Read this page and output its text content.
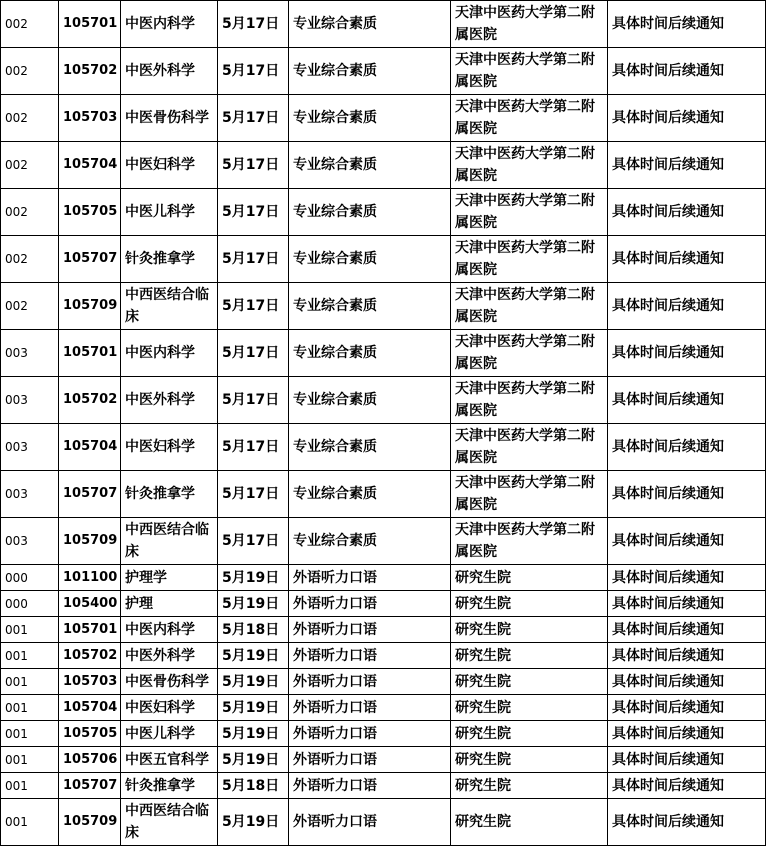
002	105701	中医内科学	5月17日	专业综合素质	天津中医药大学第二附属医院	具体时间后续通知
002	105702	中医外科学	5月17日	专业综合素质	天津中医药大学第二附属医院	具体时间后续通知
002	105703	中医骨伤科学	5月17日	专业综合素质	天津中医药大学第二附属医院	具体时间后续通知
002	105704	中医妇科学	5月17日	专业综合素质	天津中医药大学第二附属医院	具体时间后续通知
002	105705	中医儿科学	5月17日	专业综合素质	天津中医药大学第二附属医院	具体时间后续通知
002	105707	针灸推拿学	5月17日	专业综合素质	天津中医药大学第二附属医院	具体时间后续通知
002	105709	中西医结合临床	5月17日	专业综合素质	天津中医药大学第二附属医院	具体时间后续通知
003	105701	中医内科学	5月17日	专业综合素质	天津中医药大学第二附属医院	具体时间后续通知
003	105702	中医外科学	5月17日	专业综合素质	天津中医药大学第二附属医院	具体时间后续通知
003	105704	中医妇科学	5月17日	专业综合素质	天津中医药大学第二附属医院	具体时间后续通知
003	105707	针灸推拿学	5月17日	专业综合素质	天津中医药大学第二附属医院	具体时间后续通知
003	105709	中西医结合临床	5月17日	专业综合素质	天津中医药大学第二附属医院	具体时间后续通知
000	101100	护理学	5月19日	外语听力口语	研究生院	具体时间后续通知
000	105400	护理	5月19日	外语听力口语	研究生院	具体时间后续通知
001	105701	中医内科学	5月18日	外语听力口语	研究生院	具体时间后续通知
001	105702	中医外科学	5月19日	外语听力口语	研究生院	具体时间后续通知
001	105703	中医骨伤科学	5月19日	外语听力口语	研究生院	具体时间后续通知
001	105704	中医妇科学	5月19日	外语听力口语	研究生院	具体时间后续通知
001	105705	中医儿科学	5月19日	外语听力口语	研究生院	具体时间后续通知
001	105706	中医五官科学	5月19日	外语听力口语	研究生院	具体时间后续通知
001	105707	针灸推拿学	5月18日	外语听力口语	研究生院	具体时间后续通知
001	105709	中西医结合临床	5月19日	外语听力口语	研究生院	具体时间后续通知
